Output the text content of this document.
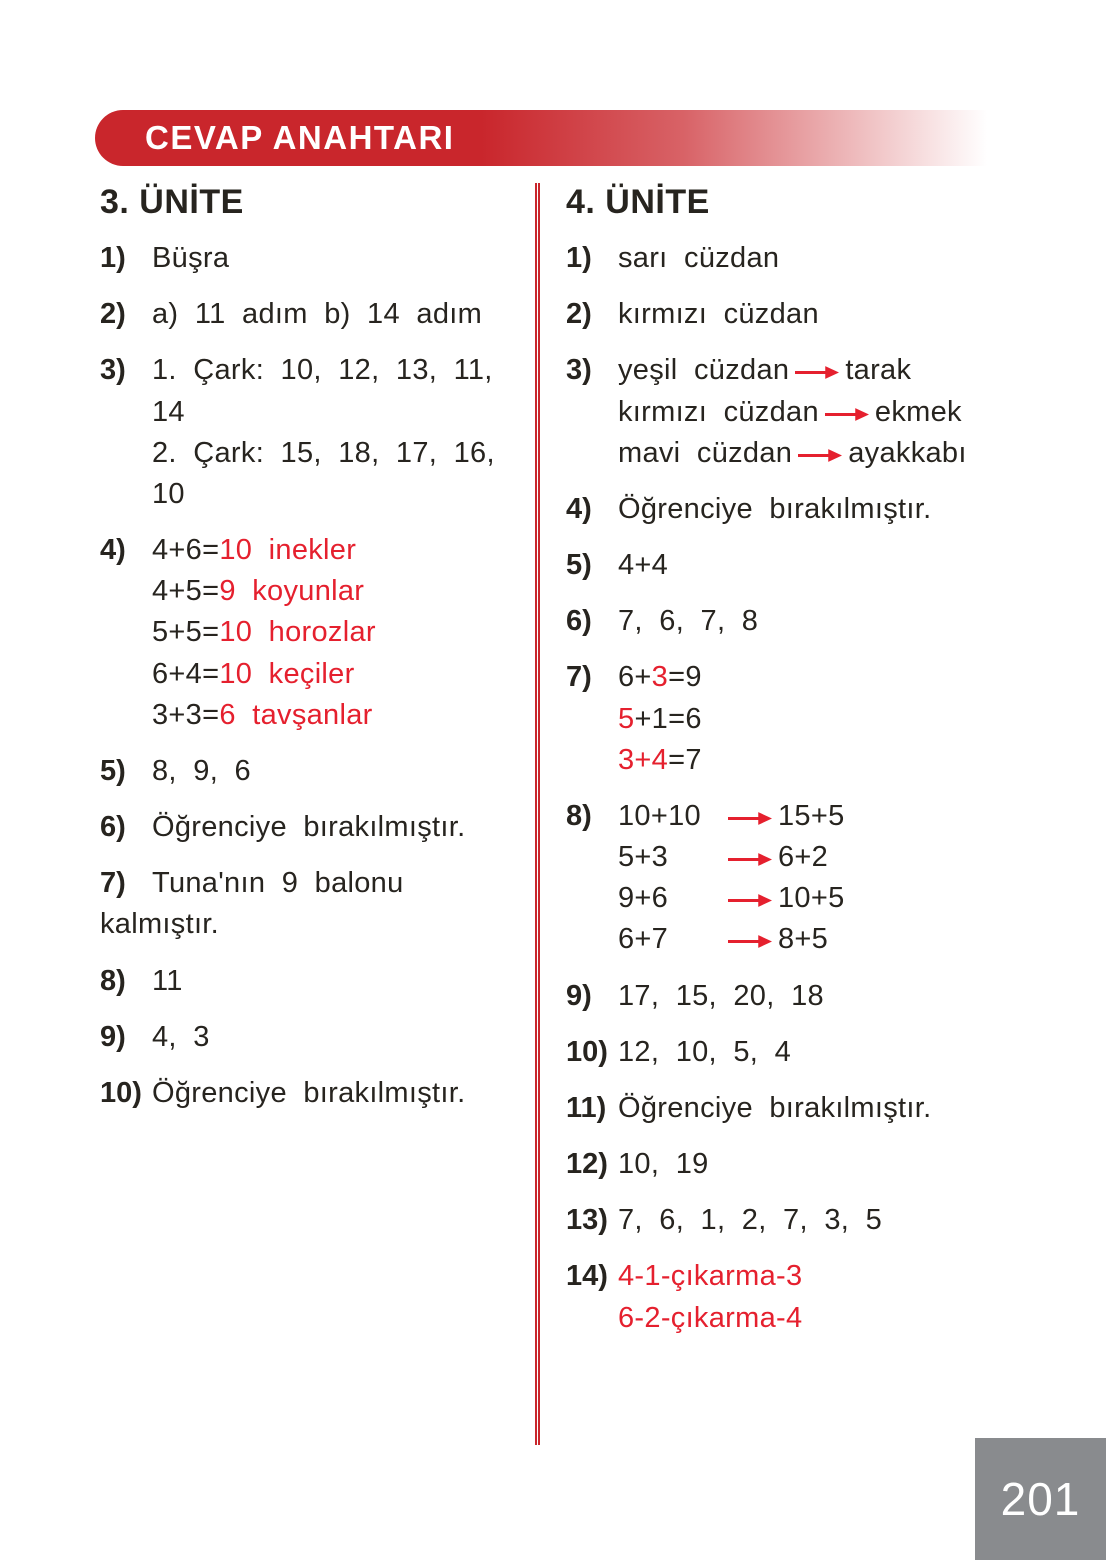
CEVAP ANAHTARI
3. ÜNİTE
1) Büşra
2) a) 11 adım b) 14 adım
3) 1. Çark: 10, 12, 13, 11, 14
2. Çark: 15, 18, 17, 16, 10
4) 4+6=10 inekler
4+5=9 koyunlar
5+5=10 horozlar
6+4=10 keçiler
3+3=6 tavşanlar
5) 8, 9, 6
6) Öğrenciye bırakılmıştır.
7) Tuna'nın 9 balonu
kalmıştır.
8) 11
9) 4, 3
10) Öğrenciye bırakılmıştır.
4. ÜNİTE
1) sarı cüzdan
2) kırmızı cüzdan
3) yeşil cüzdan tarak
kırmızı cüzdan ekmek
mavi cüzdan ayakkabı
4) Öğrenciye bırakılmıştır.
5) 4+4
6) 7, 6, 7, 8
7) 6+3=9
5+1=6
3+4=7
8) 10+10	15+5
5+3	6+2
9+6	10+5
6+7	8+5
9) 17, 15, 20, 18
10) 12, 10, 5, 4
11) Öğrenciye bırakılmıştır.
12) 10, 19
13) 7, 6, 1, 2, 7, 3, 5
14) 4-1-çıkarma-3
6-2-çıkarma-4
201
